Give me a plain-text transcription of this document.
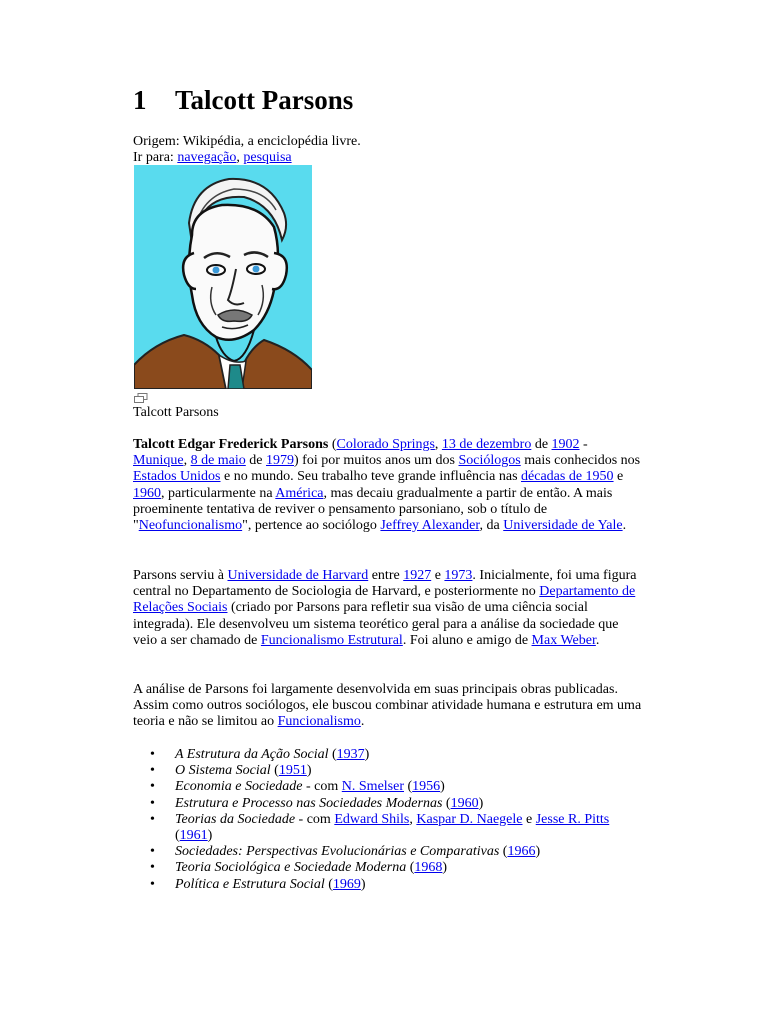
1 Talcott Parsons
Origem: Wikipédia, a enciclopédia livre.
Ir para: navegação, pesquisa
Talcott Parsons
Talcott Edgar Frederick Parsons (Colorado Springs, 13 de dezembro de 1902 - Munique, 8 de maio de 1979) foi por muitos anos um dos Sociólogos mais conhecidos nos Estados Unidos e no mundo. Seu trabalho teve grande influência nas décadas de 1950 e 1960, particularmente na América, mas decaiu gradualmente a partir de então. A mais proeminente tentativa de reviver o pensamento parsoniano, sob o título de "Neofuncionalismo", pertence ao sociólogo Jeffrey Alexander, da Universidade de Yale.
Parsons serviu à Universidade de Harvard entre 1927 e 1973. Inicialmente, foi uma figura central no Departamento de Sociologia de Harvard, e posteriormente no Departamento de Relações Sociais (criado por Parsons para refletir sua visão de uma ciência social integrada). Ele desenvolveu um sistema teorético geral para a análise da sociedade que veio a ser chamado de Funcionalismo Estrutural. Foi aluno e amigo de Max Weber.
A análise de Parsons foi largamente desenvolvida em suas principais obras publicadas. Assim como outros sociólogos, ele buscou combinar atividade humana e estrutura em uma teoria e não se limitou ao Funcionalismo.
• A Estrutura da Ação Social (1937)
• O Sistema Social (1951)
• Economia e Sociedade - com N. Smelser (1956)
• Estrutura e Processo nas Sociedades Modernas (1960)
• Teorias da Sociedade - com Edward Shils, Kaspar D. Naegele e Jesse R. Pitts
(1961)
• Sociedades: Perspectivas Evolucionárias e Comparativas (1966)
• Teoria Sociológica e Sociedade Moderna (1968)
• Política e Estrutura Social (1969)
